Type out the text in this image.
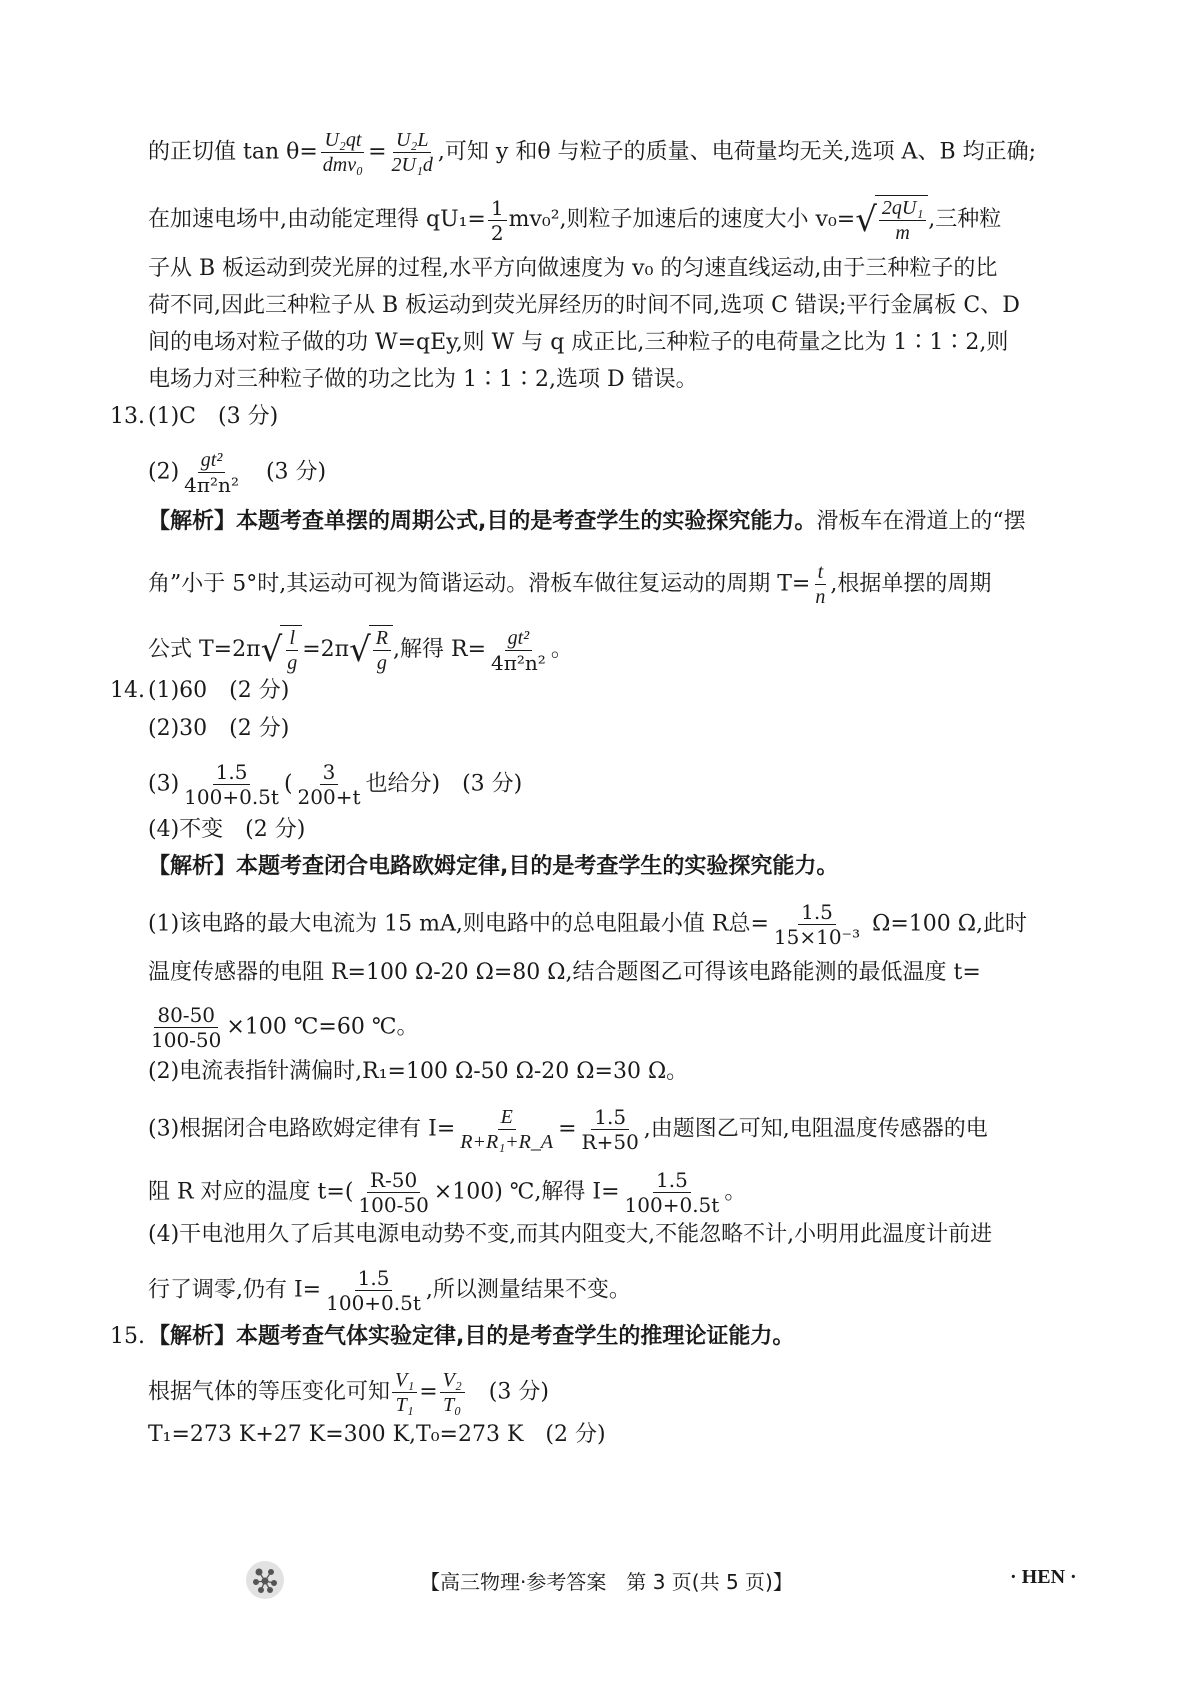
的正切值 $\tan \theta= \frac{\text{U₂qt}}{\text{dmv₀}} = \frac{\text{U₂L}}{\text{2U₁d}}$ ,可知 y 和θ 与粒子的质量、电荷量均无关,选项 A、B 均正确;
在加速电场中,由动能定理得 $qU_1= \frac{1}{2} mv_0^2$,则粒子加速后的速度大小 v₀= √ $\frac{\text{2qU₁}}{m}$ ,三种粒
子从 B 板运动到荧光屏的过程,水平方向做速度为 v₀ 的匀速直线运动,由于三种粒子的比
荷不同,因此三种粒子从 B 板运动到荧光屏经历的时间不同,选项 C 错误;平行金属板 C、D
间的电场对粒子做的功 W=qEy,则 W 与 q 成正比,三种粒子的电荷量之比为 1∶1∶2,则
电场力对三种粒子做的功之比为 1∶1∶2,选项 D 错误。
13. (1)C　(3 分)
$(2) \frac{\text{gt²}}{\text{4π²n²}}$ 　(3 分)
【解析】本题考查单摆的周期公式,目的是考查学生的实验探究能力。滑板车在滑道上的“摆
角”小于 5°时,其运动可视为简谐运动。滑板车做往复运动的周期 $T= \frac{t}{n}$ ,根据单摆的周期
公式 T=2π √ $\frac{l}{g} =2\pi$ √ $\frac{R}{g}$ ,解得 $R= \frac{\text{gt²}}{\text{4π²n²}}$ 。
14. (1)60　(2 分)
(2)30　(2 分)
$(3) \frac{1.5}{100+0.5t}$ ( $\frac{3}{200+t}$ 也给分)　(3 分)
(4)不变　(2 分)
【解析】本题考查闭合电路欧姆定律,目的是考查学生的实验探究能力。
(1)该电路的最大电流为 15 mA,则电路中的总电阻最小值 R总= $\frac{1.5}{\text{15×10⁻³}} \Omega=100$ Ω,此时
温度传感器的电阻 R=100 Ω-20 Ω=80 Ω,结合题图乙可得该电路能测的最低温度 t=
$\frac{80-50}{100-50} \times 100$ ℃=60 ℃。
(2)电流表指针满偏时,R₁=100 Ω-50 Ω-20 Ω=30 Ω。
(3)根据闭合电路欧姆定律有 $I= \frac{E}{\text{R+R₁+R\_A}} = \frac{1.5}{R+50}$ ,由题图乙可知,电阻温度传感器的电
阻 R 对应的温度 $t=( \frac{R-50}{100-50} \times 100)$ ℃,解得 $I= \frac{1.5}{100+0.5t}$ 。
(4)干电池用久了后其电源电动势不变,而其内阻变大,不能忽略不计,小明用此温度计前进
行了调零,仍有 $I= \frac{1.5}{100+0.5t}$ ,所以测量结果不变。
15. 【解析】本题考查气体实验定律,目的是考查学生的推理论证能力。
根据气体的等压变化可知 $\frac{\text{V₁}}{\text{T₁}} = \frac{\text{V₂}}{\text{T₀}}$ 　(3 分)
T₁=273 K+27 K=300 K,T₀=273 K　(2 分)
【高三物理·参考答案　第 3 页(共 5 页)】	· HEN ·
